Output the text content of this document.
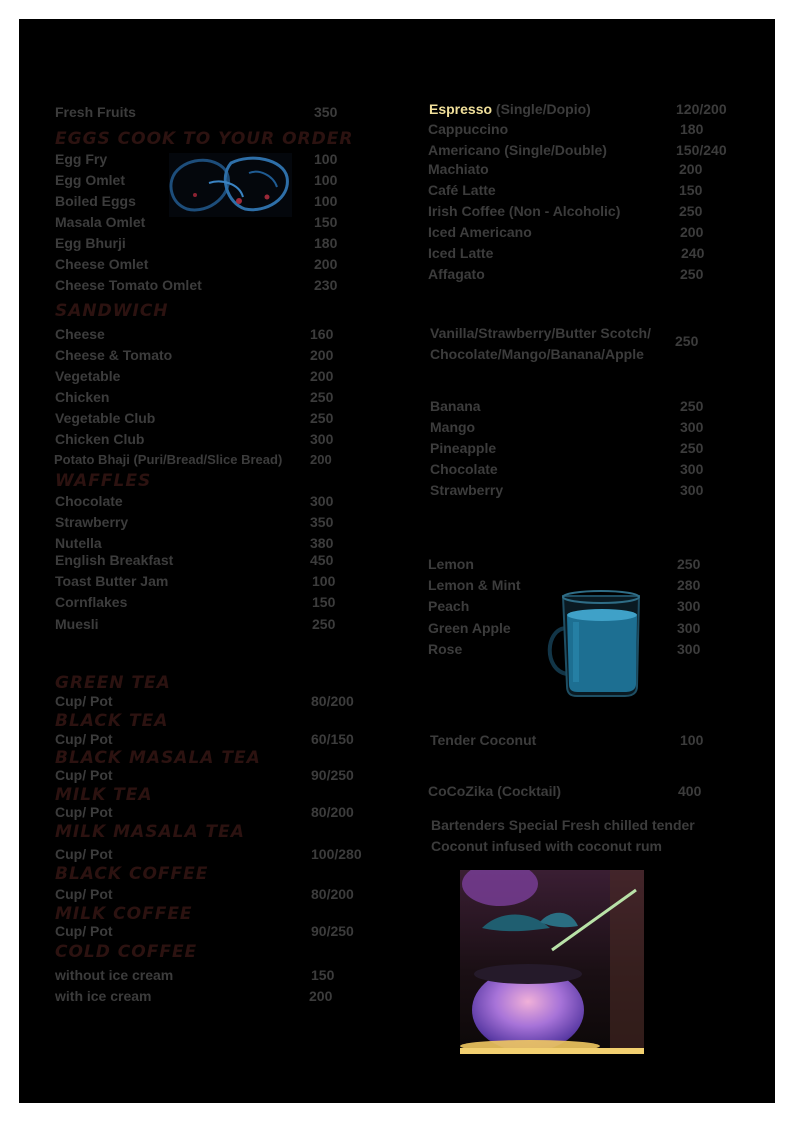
Fresh Fruits	350
EGGS COOK TO YOUR ORDER
Egg Fry	100
Egg Omlet	100
Boiled Eggs	100
Masala Omlet	150
Egg Bhurji	180
Cheese Omlet	200
Cheese Tomato Omlet	230
SANDWICH
Cheese	160
Cheese & Tomato	200
Vegetable	200
Chicken	250
Vegetable Club	250
Chicken Club	300
Potato Bhaji (Puri/Bread/Slice Bread) 200
WAFFLES
Chocolate	300
Strawberry	350
Nutella	380
English Breakfast	450
Toast Butter Jam	100
Cornflakes	150
Muesli	250
GREEN TEA
Cup/ Pot	80/200
BLACK TEA
Cup/ Pot	60/150
BLACK MASALA TEA
Cup/ Pot	90/250
MILK TEA
Cup/ Pot	80/200
MILK MASALA TEA
Cup/ Pot	100/280
BLACK COFFEE
Cup/ Pot	80/200
MILK COFFEE
Cup/ Pot	90/250
COLD COFFEE
without ice cream	150
with ice cream	200
Espresso (Single/Dopio)	120/200
Cappuccino	180
Americano (Single/Double)	150/240
Machiato	200
Café Latte	150
Irish Coffee (Non - Alcoholic)	250
Iced Americano	200
Iced Latte	240
Affagato	250
Vanilla/Strawberry/Butter Scotch/
Chocolate/Mango/Banana/Apple
250
Banana	250
Mango	300
Pineapple	250
Chocolate	300
Strawberry	300
Lemon	250
Lemon & Mint	280
Peach	300
Green Apple	300
Rose	300
Tender Coconut	100
CoCoZika (Cocktail)	400
Bartenders Special Fresh chilled tender
Coconut infused with coconut rum
